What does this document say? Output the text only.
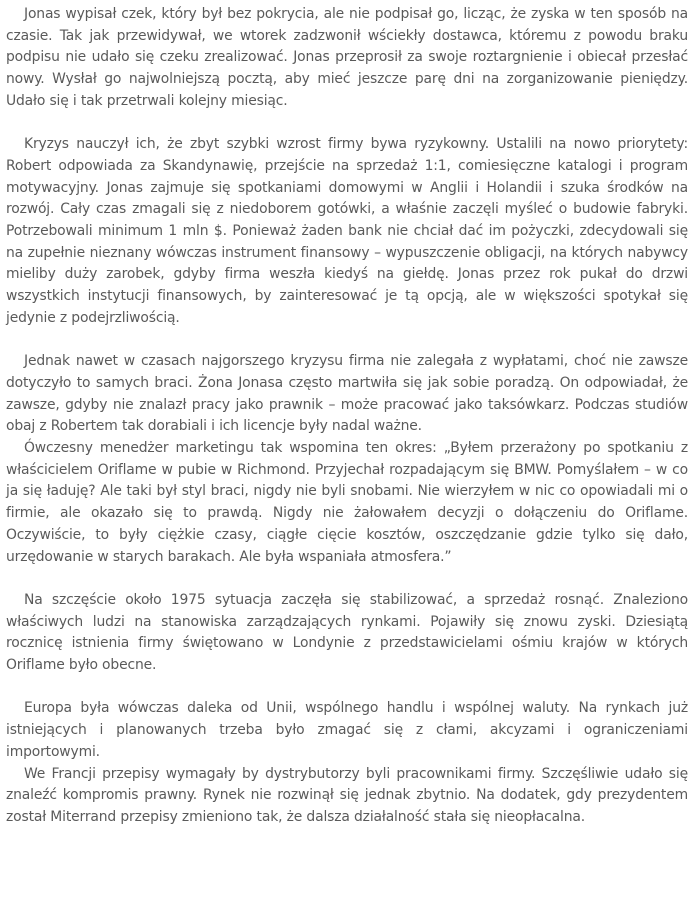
Jonas wypisał czek, który był bez pokrycia, ale nie podpisał go, licząc, że zyska w ten sposób na czasie. Tak jak przewidywał, we wtorek zadzwonił wściekły dostawca, któremu z powodu braku podpisu nie udało się czeku zrealizować. Jonas przeprosił za swoje roztargnienie i obiecał przesłać nowy. Wysłał go najwolniejszą pocztą, aby mieć jeszcze parę dni na zorganizowanie pieniędzy. Udało się i tak przetrwali kolejny miesiąc.

Kryzys nauczył ich, że zbyt szybki wzrost firmy bywa ryzykowny. Ustalili na nowo priorytety: Robert odpowiada za Skandynawię, przejście na sprzedaż 1:1, comiesięczne katalogi i program motywacyjny. Jonas zajmuje się spotkaniami domowymi w Anglii i Holandii i szuka środków na rozwój. Cały czas zmagali się z niedoborem gotówki, a właśnie zaczęli myśleć o budowie fabryki. Potrzebowali minimum 1 mln $. Ponieważ żaden bank nie chciał dać im pożyczki, zdecydowali się na zupełnie nieznany wówczas instrument finansowy – wypuszczenie obligacji, na których nabywcy mieliby duży zarobek, gdyby firma weszła kiedyś na giełdę. Jonas przez rok pukał do drzwi wszystkich instytucji finansowych, by zainteresować je tą opcją, ale w większości spotykał się jedynie z podejrzliwością.

Jednak nawet w czasach najgorszego kryzysu firma nie zalegała z wypłatami, choć nie zawsze dotyczyło to samych braci. Żona Jonasa często martwiła się jak sobie poradzą. On odpowiadał, że zawsze, gdyby nie znalazł pracy jako prawnik – może pracować jako taksówkarz. Podczas studiów obaj z Robertem tak dorabiali i ich licencje były nadal ważne.

Ówczesny menedżer marketingu tak wspomina ten okres: „Byłem przerażony po spotkaniu z właścicielem Oriflame w pubie w Richmond. Przyjechał rozpadającym się BMW. Pomyślałem – w co ja się ładuję? Ale taki był styl braci, nigdy nie byli snobami. Nie wierzyłem w nic co opowiadali mi o firmie, ale okazało się to prawdą. Nigdy nie żałowałem decyzji o dołączeniu do Oriflame. Oczywiście, to były ciężkie czasy, ciągłe cięcie kosztów, oszczędzanie gdzie tylko się dało, urzędowanie w starych barakach. Ale była wspaniała atmosfera.”

Na szczęście około 1975 sytuacja zaczęła się stabilizować, a sprzedaż rosnąć. Znaleziono właściwych ludzi na stanowiska zarządzających rynkami. Pojawiły się znowu zyski. Dziesiątą rocznicę istnienia firmy świętowano w Londynie z przedstawicielami ośmiu krajów w których Oriflame było obecne.

Europa była wówczas daleka od Unii, wspólnego handlu i wspólnej waluty. Na rynkach już istniejących i planowanych trzeba było zmagać się z cłami, akcyzami i ograniczeniami importowymi.

We Francji przepisy wymagały by dystrybutorzy byli pracownikami firmy. Szczęśliwie udało się znaleźć kompromis prawny. Rynek nie rozwinął się jednak zbytnio. Na dodatek, gdy prezydentem został Miterrand przepisy zmieniono tak, że dalsza działalność stała się nieopłacalna.
